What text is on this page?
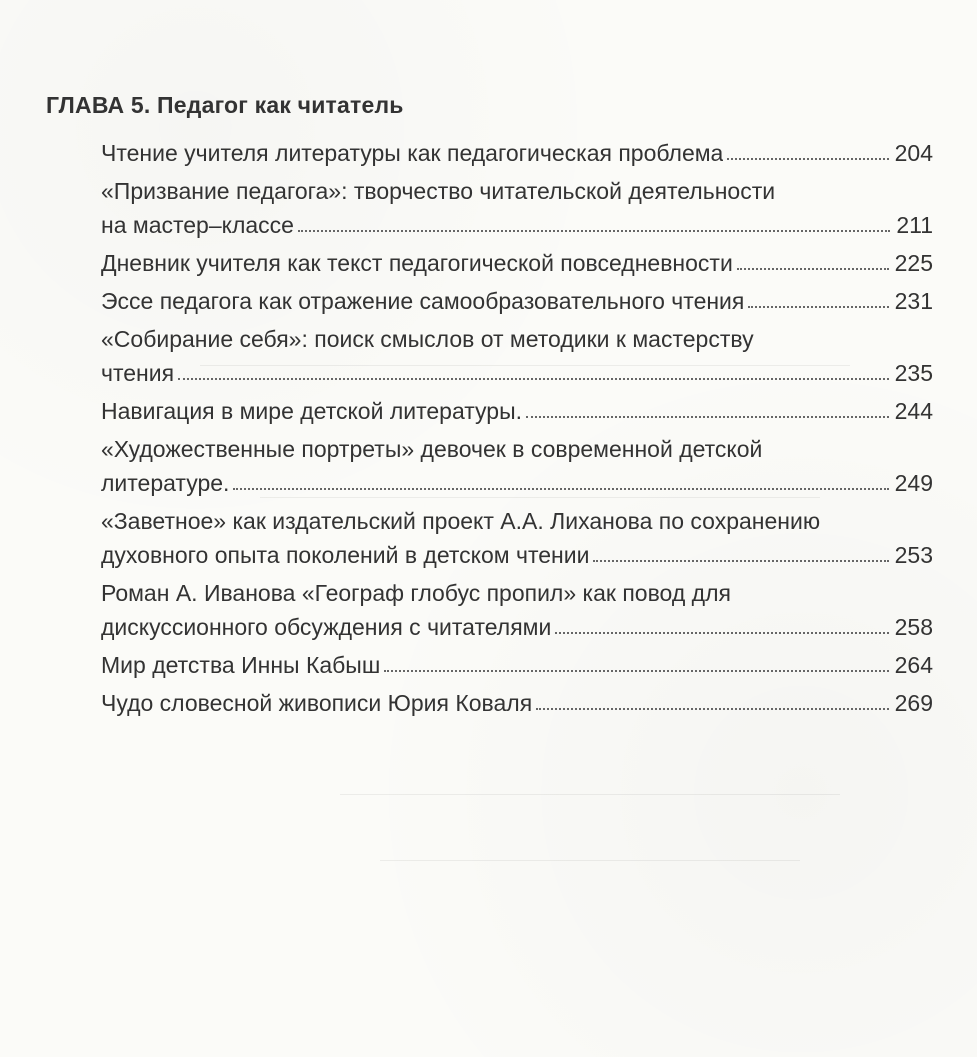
ГЛАВА 5. Педагог как читатель
Чтение учителя литературы как педагогическая проблема	204
«Призвание педагога»: творчество читательской деятельности
на мастер–классе	211
Дневник учителя как текст педагогической повседневности	225
Эссе педагога как отражение самообразовательного чтения	231
«Собирание себя»: поиск смыслов от методики к мастерству
чтения	235
Навигация в мире детской литературы.	244
«Художественные портреты» девочек в современной детской
литературе.	249
«Заветное» как издательский проект А.А. Лиханова по сохранению
духовного опыта поколений в детском чтении	253
Роман А. Иванова «Географ глобус пропил» как повод для
дискуссионного обсуждения с читателями	258
Мир детства Инны Кабыш	264
Чудо словесной живописи Юрия Коваля	269
